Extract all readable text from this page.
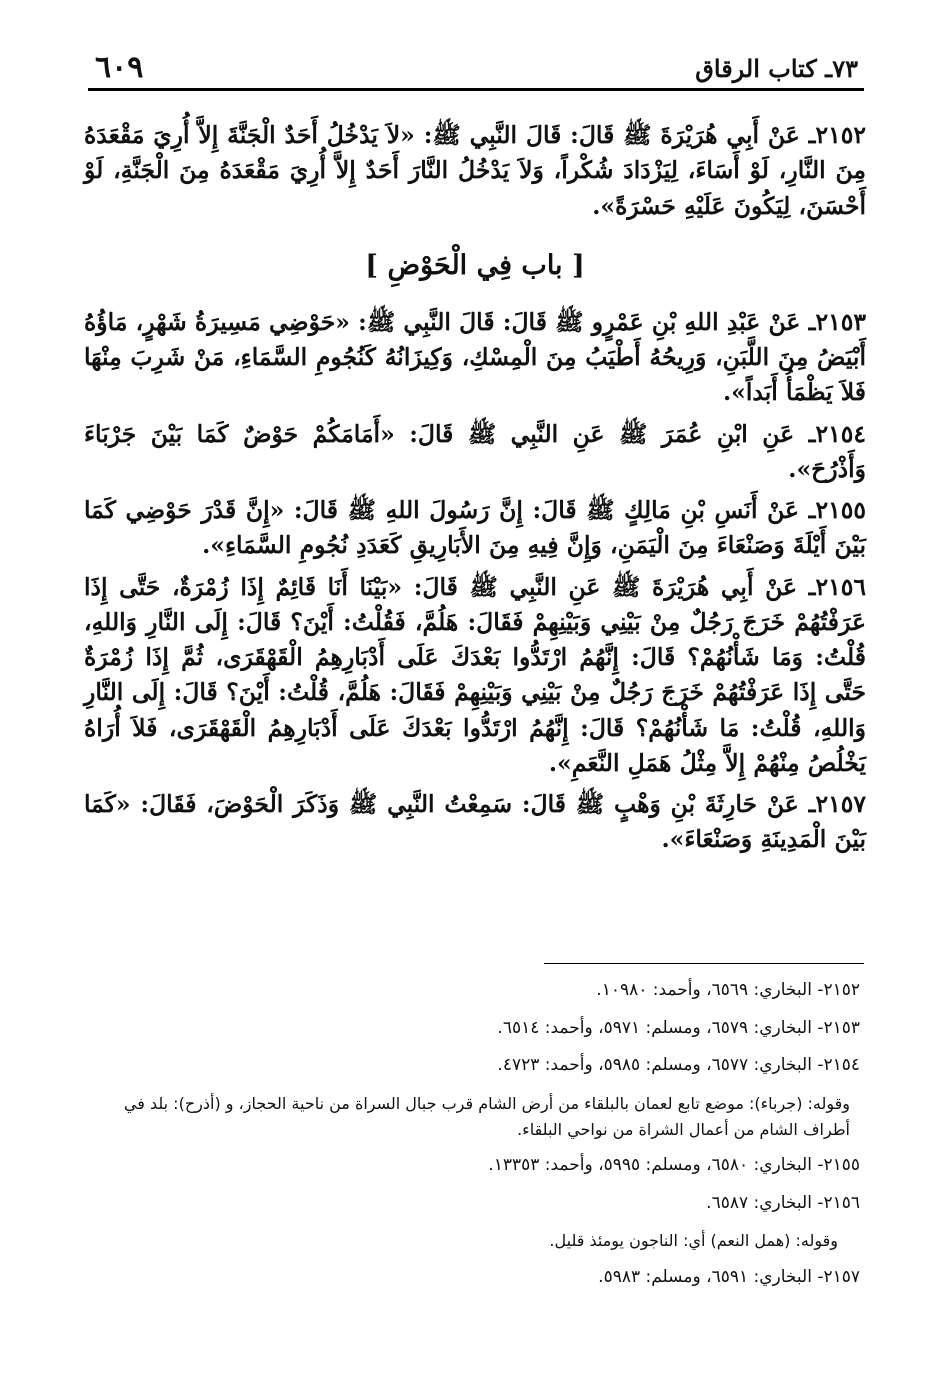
٧٣ـ كتاب الرقاق
٦٠٩

٢١٥٢ـ عَنْ أَبِي هُرَيْرَةَ ﷺ قَالَ: قَالَ النَّبِي ﷺ: «لاَ يَدْخُلُ أَحَدٌ الْجَنَّةَ إِلاَّ أُرِيَ مَقْعَدَهُ مِنَ النَّارِ، لَوْ أَسَاءَ، لِيَزْدَادَ شُكْراً، وَلاَ يَدْخُلُ النَّارَ أَحَدٌ إِلاَّ أُرِيَ مَقْعَدَهُ مِنَ الْجَنَّةِ، لَوْ أَحْسَنَ، لِيَكُونَ عَلَيْهِ حَسْرَةً».

[ باب فِي الْحَوْضِ ]

٢١٥٣ـ عَنْ عَبْدِ اللهِ بْنِ عَمْرٍو ﷺ قَالَ: قَالَ النَّبِي ﷺ: «حَوْضِي مَسِيرَةُ شَهْرٍ، مَاؤُهُ أَبْيَضُ مِنَ اللَّبَنِ، وَرِيحُهُ أَطْيَبُ مِنَ الْمِسْكِ، وَكِيزَانُهُ كَنُجُومِ السَّمَاءِ، مَنْ شَرِبَ مِنْهَا فَلاَ يَظْمَأُ أَبَداً».

٢١٥٤ـ عَنِ ابْنِ عُمَرَ ﷺ عَنِ النَّبِي ﷺ قَالَ: «أَمَامَكُمْ حَوْضٌ كَمَا بَيْنَ جَرْبَاءَ وَأَذْرُحَ».

٢١٥٥ـ عَنْ أَنَسِ بْنِ مَالِكٍ ﷺ قَالَ: إِنَّ رَسُولَ اللهِ ﷺ قَالَ: «إِنَّ قَدْرَ حَوْضِي كَمَا بَيْنَ أَيْلَةَ وَصَنْعَاءَ مِنَ الْيَمَنِ، وَإِنَّ فِيهِ مِنَ الأَبَارِيقِ كَعَدَدِ نُجُومِ السَّمَاءِ».

٢١٥٦ـ عَنْ أَبِي هُرَيْرَةَ ﷺ عَنِ النَّبِي ﷺ قَالَ: «بَيْنَا أَنَا قَائِمٌ إِذَا زُمْرَةٌ، حَتَّى إِذَا عَرَفْتُهُمْ خَرَجَ رَجُلٌ مِنْ بَيْنِي وَبَيْنِهِمْ فَقَالَ: هَلُمَّ، فَقُلْتُ: أَيْنَ؟ قَالَ: إِلَى النَّارِ وَاللهِ، قُلْتُ: وَمَا شَأْنُهُمْ؟ قَالَ: إِنَّهُمُ ارْتَدُّوا بَعْدَكَ عَلَى أَدْبَارِهِمُ الْقَهْقَرَى، ثُمَّ إِذَا زُمْرَةٌ حَتَّى إِذَا عَرَفْتُهُمْ خَرَجَ رَجُلٌ مِنْ بَيْنِي وَبَيْنِهِمْ فَقَالَ: هَلُمَّ، قُلْتُ: أَيْنَ؟ قَالَ: إِلَى النَّارِ وَاللهِ، قُلْتُ: مَا شَأْنُهُمْ؟ قَالَ: إِنَّهُمُ ارْتَدُّوا بَعْدَكَ عَلَى أَدْبَارِهِمُ الْقَهْقَرَى، فَلاَ أُرَاهُ يَخْلُصُ مِنْهُمْ إِلاَّ مِثْلُ هَمَلِ النَّعَمِ».

٢١٥٧ـ عَنْ حَارِثَةَ بْنِ وَهْبٍ ﷺ قَالَ: سَمِعْتُ النَّبِي ﷺ وَذَكَرَ الْحَوْضَ، فَقَالَ: «كَمَا بَيْنَ الْمَدِينَةِ وَصَنْعَاءَ».

٢١٥٢- البخاري: ٦٥٦٩، وأحمد: ١٠٩٨٠.

٢١٥٣- البخاري: ٦٥٧٩، ومسلم: ٥٩٧١، وأحمد: ٦٥١٤.

٢١٥٤- البخاري: ٦٥٧٧، ومسلم: ٥٩٨٥، وأحمد: ٤٧٢٣.

وقوله: (جرباء): موضع تابع لعمان بالبلقاء من أرض الشام قرب جبال السراة من ناحية الحجاز، و (أذرح): بلد في أطراف الشام من أعمال الشراة من نواحي البلقاء.

٢١٥٥- البخاري: ٦٥٨٠، ومسلم: ٥٩٩٥، وأحمد: ١٣٣٥٣.

٢١٥٦- البخاري: ٦٥٨٧.

وقوله: (همل النعم) أي: الناجون يومئذ قليل.

٢١٥٧- البخاري: ٦٥٩١، ومسلم: ٥٩٨٣.
